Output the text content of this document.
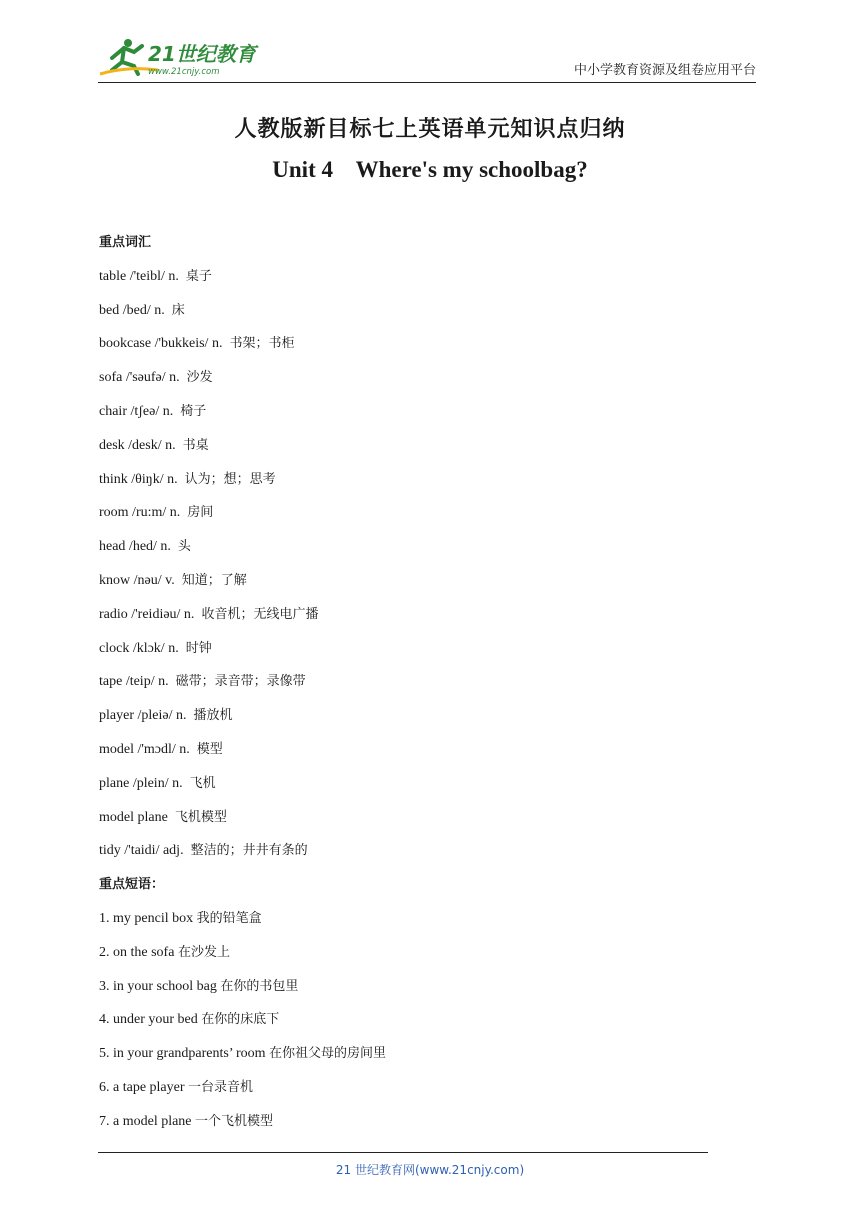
21世纪教育
www.21cnjy.com	中小学教育资源及组卷应用平台
人教版新目标七上英语单元知识点归纳
Unit 4    Where's my schoolbag?
重点词汇
table /'teibl/ n. 桌子
bed /bed/ n. 床
bookcase /'bukkeis/ n. 书架；书柜
sofa /'səufə/ n. 沙发
chair /tʃeə/ n. 椅子
desk /desk/ n. 书桌
think /θiŋk/ n. 认为；想；思考
room /ru:m/ n. 房间
head /hed/ n. 头
know /nəu/ v. 知道；了解
radio /'reidiəu/ n. 收音机；无线电广播
clock /klɔk/ n. 时钟
tape /teip/ n. 磁带；录音带；录像带
player /pleiə/ n. 播放机
model /'mɔdl/ n. 模型
plane /plein/ n. 飞机
model plane 飞机模型
tidy /'taidi/ adj. 整洁的；井井有条的
重点短语：
1. my pencil box 我的铅笔盒
2. on the sofa 在沙发上
3. in your school bag 在你的书包里
4. under your bed 在你的床底下
5. in your grandparents’ room 在你祖父母的房间里
6. a tape player 一台录音机
7. a model plane 一个飞机模型
21 世纪教育网(www.21cnjy.com)
